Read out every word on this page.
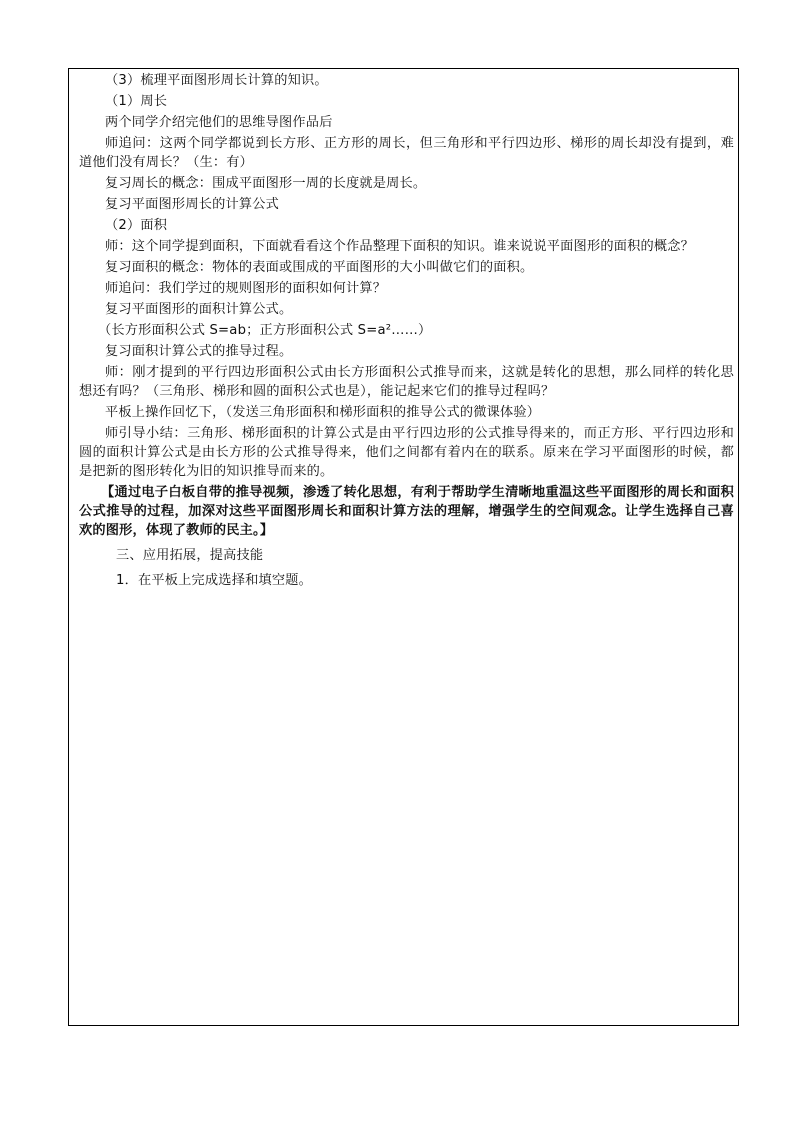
（3）梳理平面图形周长计算的知识。

（1）周长

两个同学介绍完他们的思维导图作品后

师追问：这两个同学都说到长方形、正方形的周长，但三角形和平行四边形、梯形的周长却没有提到，难道他们没有周长？（生：有）

复习周长的概念：围成平面图形一周的长度就是周长。

复习平面图形周长的计算公式

（2）面积

师：这个同学提到面积，下面就看看这个作品整理下面积的知识。谁来说说平面图形的面积的概念？

复习面积的概念：物体的表面或围成的平面图形的大小叫做它们的面积。

师追问：我们学过的规则图形的面积如何计算？

复习平面图形的面积计算公式。

（长方形面积公式 S=ab；正方形面积公式 S=a²……）

复习面积计算公式的推导过程。

师：刚才提到的平行四边形面积公式由长方形面积公式推导而来，这就是转化的思想，那么同样的转化思想还有吗？（三角形、梯形和圆的面积公式也是），能记起来它们的推导过程吗？

平板上操作回忆下，（发送三角形面积和梯形面积的推导公式的微课体验）

师引导小结：三角形、梯形面积的计算公式是由平行四边形的公式推导得来的，而正方形、平行四边形和圆的面积计算公式是由长方形的公式推导得来，他们之间都有着内在的联系。原来在学习平面图形的时候，都是把新的图形转化为旧的知识推导而来的。

【通过电子白板自带的推导视频，渗透了转化思想，有利于帮助学生清晰地重温这些平面图形的周长和面积公式推导的过程，加深对这些平面图形周长和面积计算方法的理解，增强学生的空间观念。让学生选择自己喜欢的图形，体现了教师的民主。】

三、应用拓展，提高技能

1．在平板上完成选择和填空题。
